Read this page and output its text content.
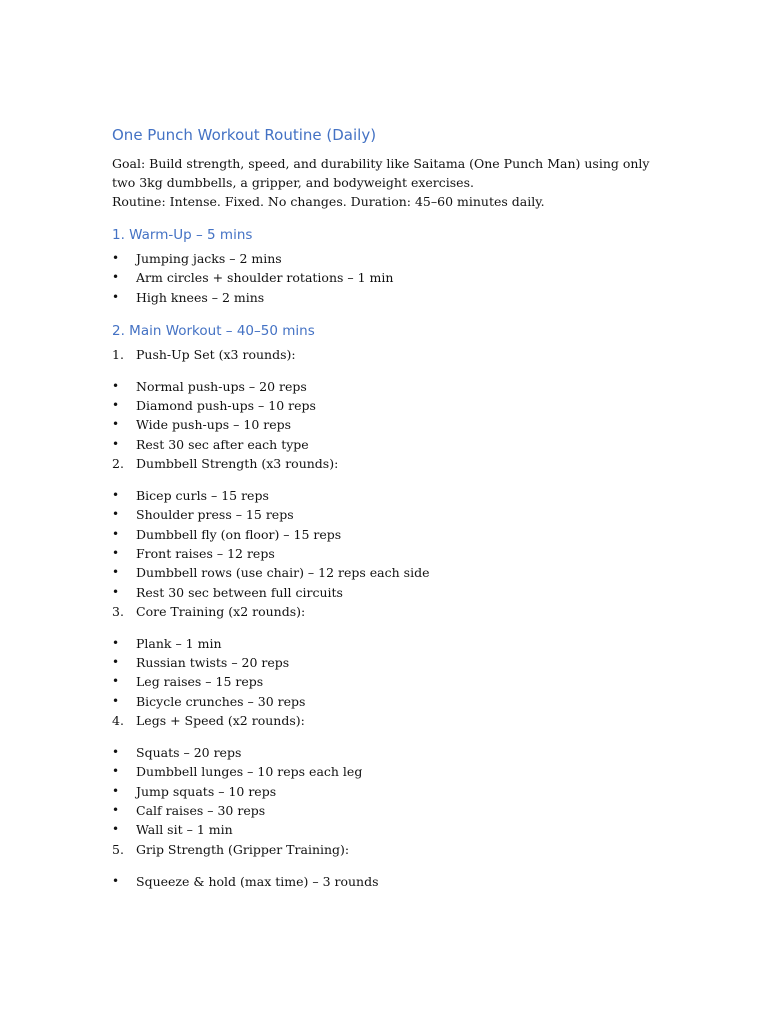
One Punch Workout Routine (Daily)

Goal: Build strength, speed, and durability like Saitama (One Punch Man) using only two 3kg dumbbells, a gripper, and bodyweight exercises.

Routine: Intense. Fixed. No changes. Duration: 45–60 minutes daily.

1. Warm-Up – 5 mins
• Jumping jacks – 2 mins
• Arm circles + shoulder rotations – 1 min
• High knees – 2 mins
2. Main Workout – 40–50 mins
1. Push-Up Set (x3 rounds):
• Normal push-ups – 20 reps
• Diamond push-ups – 10 reps
• Wide push-ups – 10 reps
• Rest 30 sec after each type
2. Dumbbell Strength (x3 rounds):
• Bicep curls – 15 reps
• Shoulder press – 15 reps
• Dumbbell fly (on floor) – 15 reps
• Front raises – 12 reps
• Dumbbell rows (use chair) – 12 reps each side
• Rest 30 sec between full circuits
3. Core Training (x2 rounds):
• Plank – 1 min
• Russian twists – 20 reps
• Leg raises – 15 reps
• Bicycle crunches – 30 reps
4. Legs + Speed (x2 rounds):
• Squats – 20 reps
• Dumbbell lunges – 10 reps each leg
• Jump squats – 10 reps
• Calf raises – 30 reps
• Wall sit – 1 min
5. Grip Strength (Gripper Training):
• Squeeze & hold (max time) – 3 rounds
